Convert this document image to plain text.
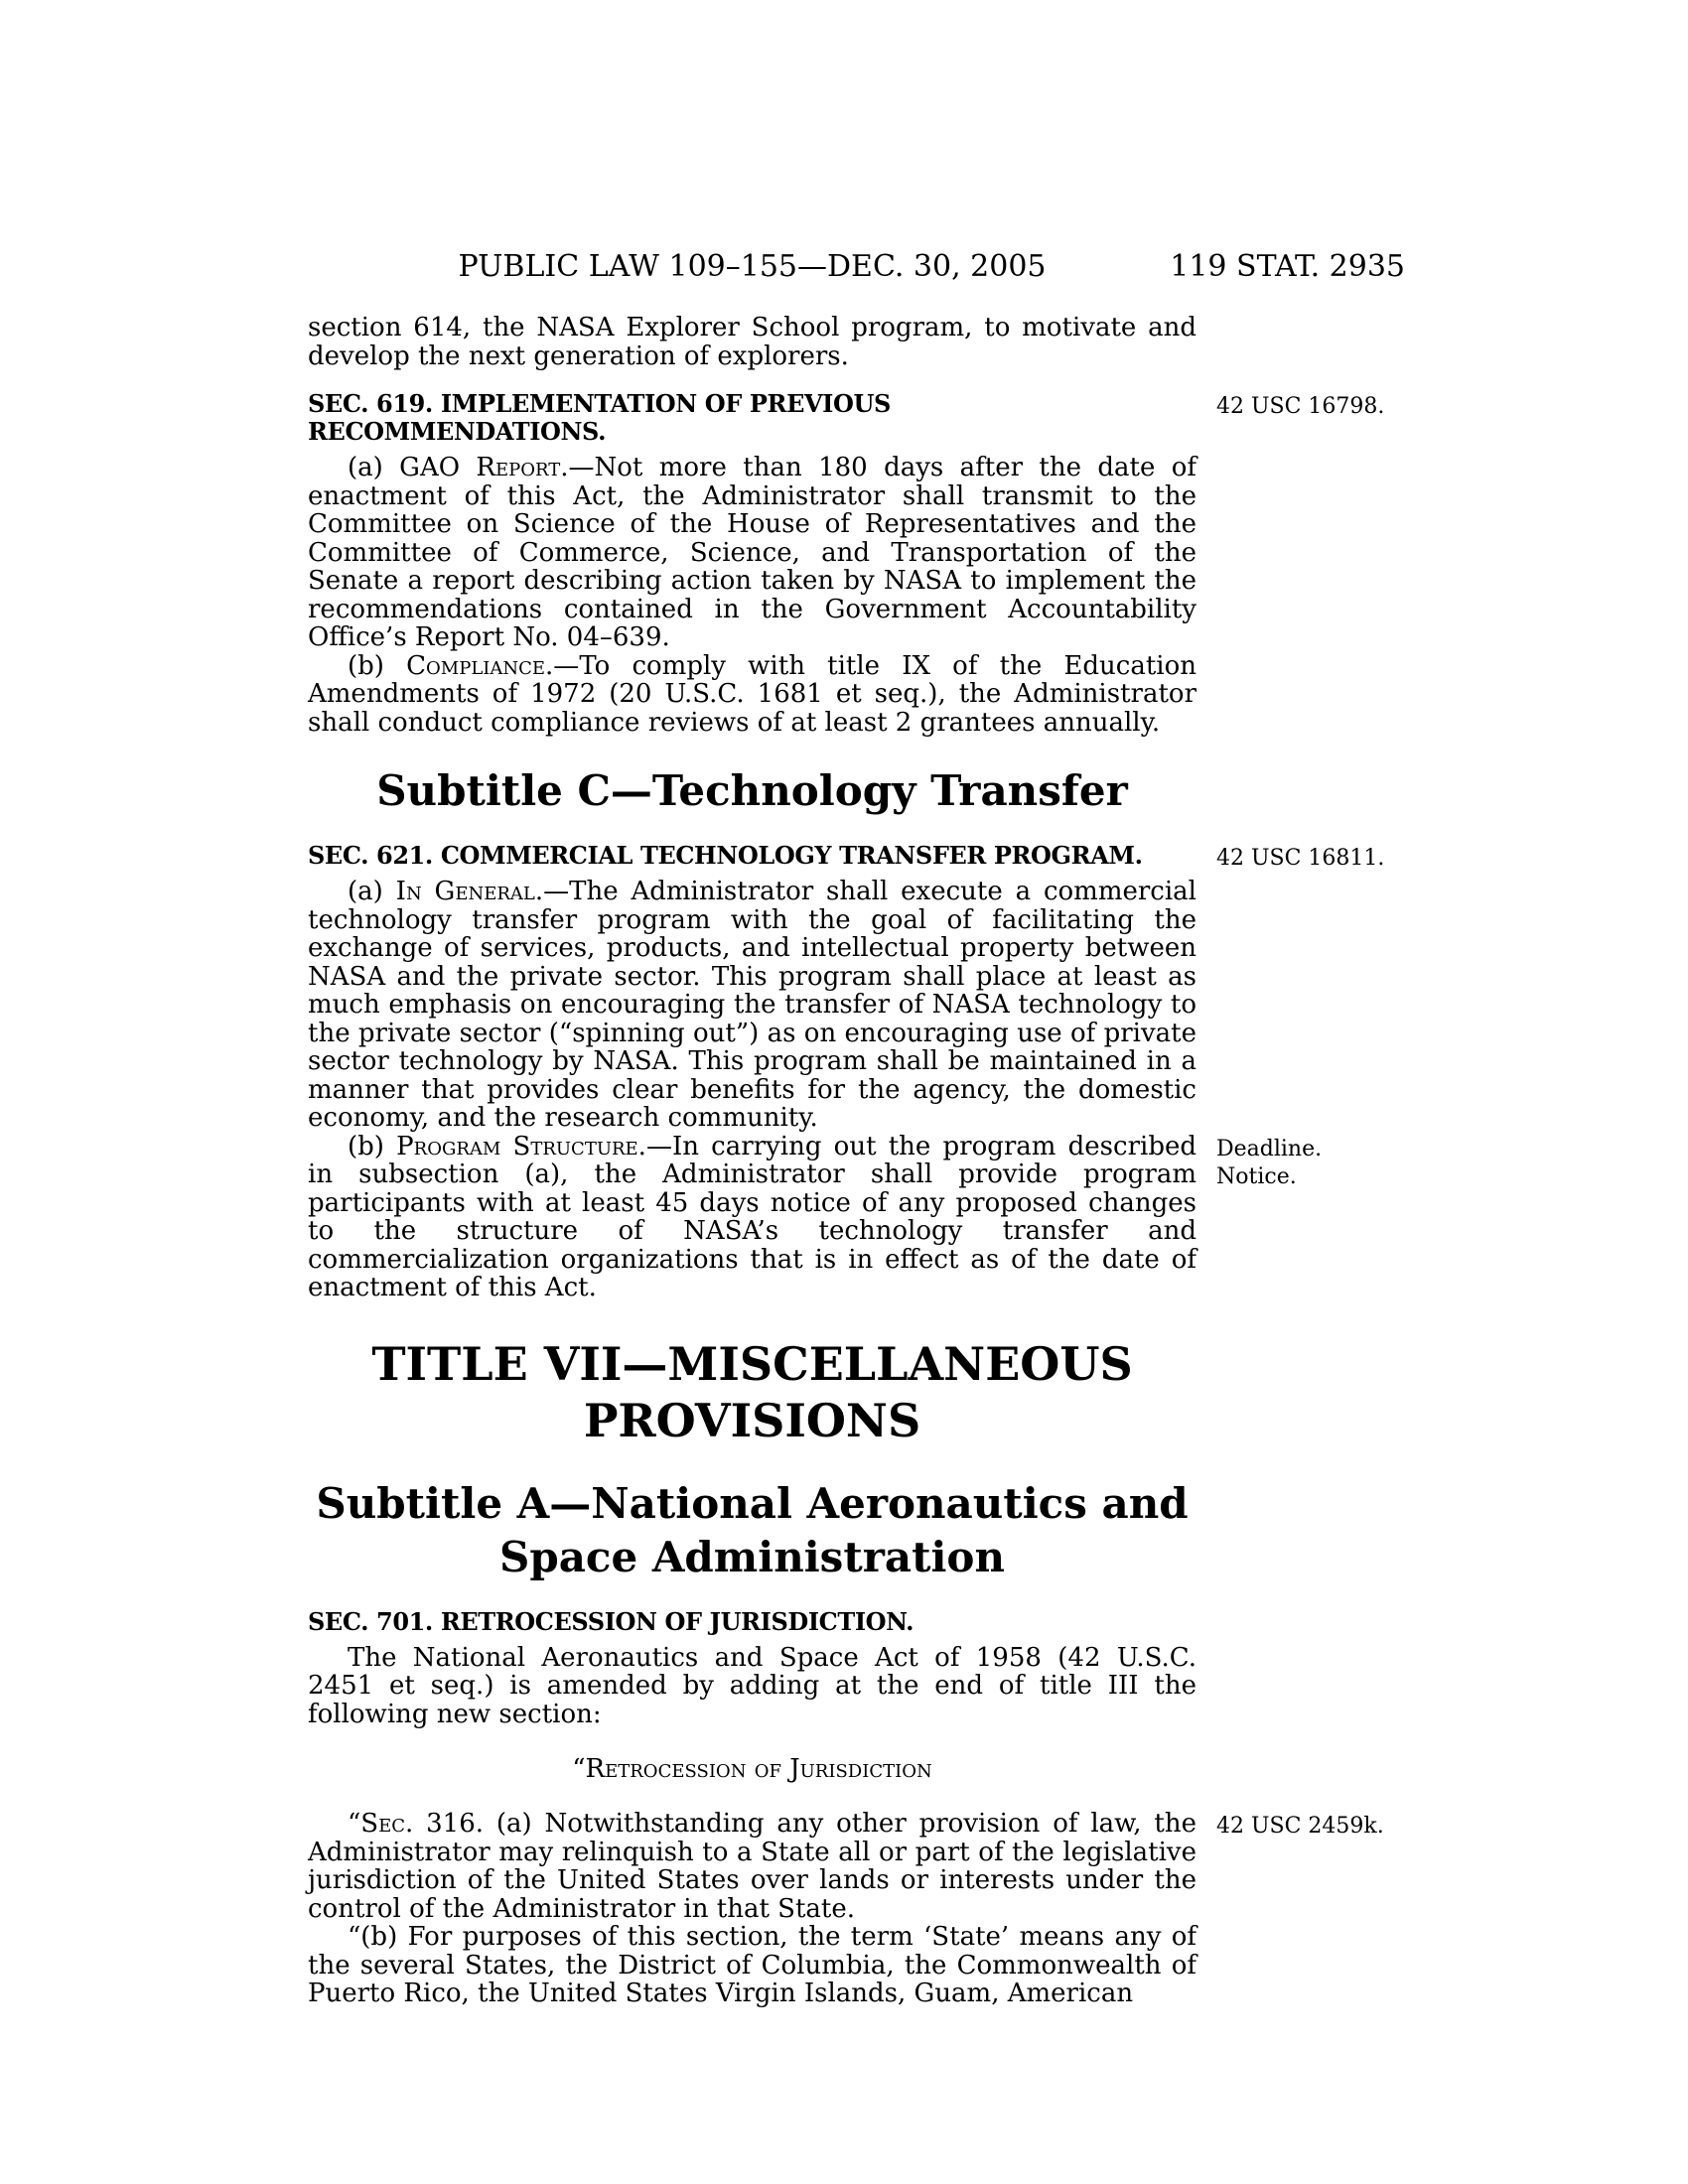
PUBLIC LAW 109–155—DEC. 30, 2005	119 STAT. 2935

section 614, the NASA Explorer School program, to motivate and develop the next generation of explorers.

SEC. 619. IMPLEMENTATION OF PREVIOUS RECOMMENDATIONS.
42 USC 16798.

(a) GAO Report.—Not more than 180 days after the date of enactment of this Act, the Administrator shall transmit to the Committee on Science of the House of Representatives and the Committee of Commerce, Science, and Transportation of the Senate a report describing action taken by NASA to implement the recommendations contained in the Government Accountability Office’s Report No. 04–639.

(b) Compliance.—To comply with title IX of the Education Amendments of 1972 (20 U.S.C. 1681 et seq.), the Administrator shall conduct compliance reviews of at least 2 grantees annually.

Subtitle C—Technology Transfer
SEC. 621. COMMERCIAL TECHNOLOGY TRANSFER PROGRAM.	42 USC 16811.

(a) In General.—The Administrator shall execute a commercial technology transfer program with the goal of facilitating the exchange of services, products, and intellectual property between NASA and the private sector. This program shall place at least as much emphasis on encouraging the transfer of NASA technology to the private sector (“spinning out”) as on encouraging use of private sector technology by NASA. This program shall be maintained in a manner that provides clear benefits for the agency, the domestic economy, and the research community.

(b) Program Structure.—In carrying out the program described in subsection (a), the Administrator shall provide program participants with at least 45 days notice of any proposed changes to the structure of NASA’s technology transfer and commercialization organizations that is in effect as of the date of enactment of this Act.

Deadline.
Notice.
TITLE VII—MISCELLANEOUS
PROVISIONS
Subtitle A—National Aeronautics and
Space Administration
SEC. 701. RETROCESSION OF JURISDICTION.

The National Aeronautics and Space Act of 1958 (42 U.S.C. 2451 et seq.) is amended by adding at the end of title III the following new section:

“Retrocession of Jurisdiction

“Sec. 316. (a) Notwithstanding any other provision of law, the Administrator may relinquish to a State all or part of the legislative jurisdiction of the United States over lands or interests under the control of the Administrator in that State.

42 USC 2459k.

“(b) For purposes of this section, the term ‘State’ means any of the several States, the District of Columbia, the Commonwealth of Puerto Rico, the United States Virgin Islands, Guam, American
